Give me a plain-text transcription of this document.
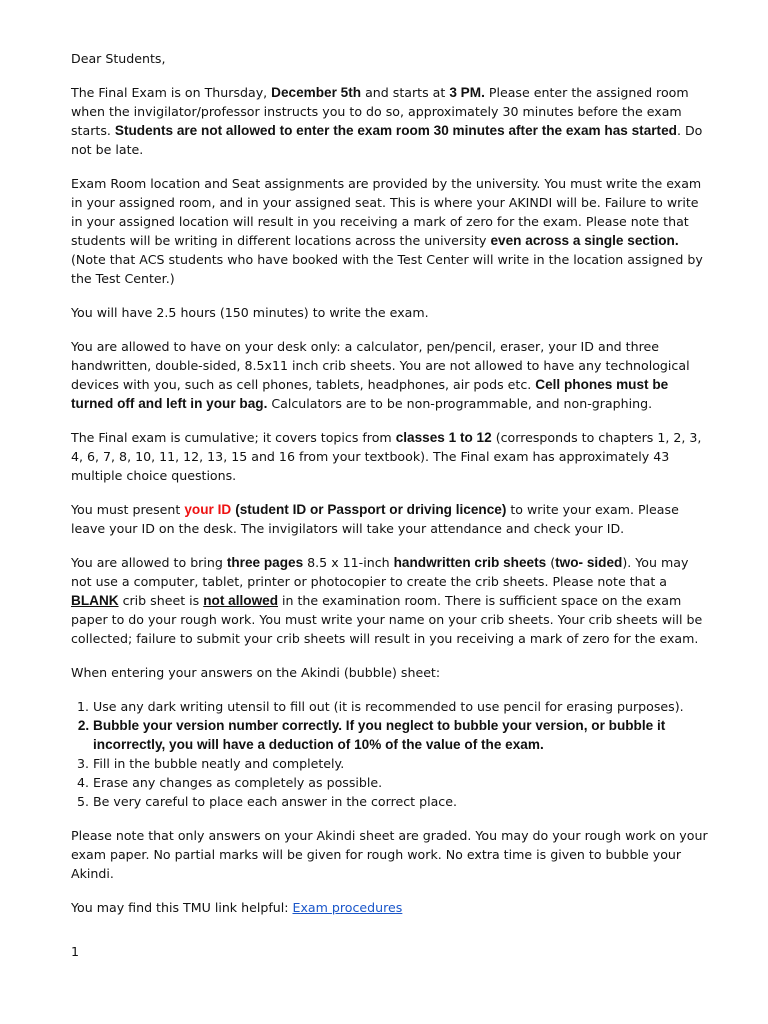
Dear Students,

The Final Exam is on Thursday, December 5th and starts at 3 PM. Please enter the assigned room when the invigilator/professor instructs you to do so, approximately 30 minutes before the exam starts. Students are not allowed to enter the exam room 30 minutes after the exam has started. Do not be late.

Exam Room location and Seat assignments are provided by the university. You must write the exam in your assigned room, and in your assigned seat. This is where your AKINDI will be. Failure to write in your assigned location will result in you receiving a mark of zero for the exam. Please note that students will be writing in different locations across the university even across a single section. (Note that ACS students who have booked with the Test Center will write in the location assigned by the Test Center.)

You will have 2.5 hours (150 minutes) to write the exam.

You are allowed to have on your desk only: a calculator, pen/pencil, eraser, your ID and three handwritten, double-sided, 8.5x11 inch crib sheets. You are not allowed to have any technological devices with you, such as cell phones, tablets, headphones, air pods etc. Cell phones must be turned off and left in your bag. Calculators are to be non-programmable, and non-graphing.

The Final exam is cumulative; it covers topics from classes 1 to 12 (corresponds to chapters 1, 2, 3, 4, 6, 7, 8, 10, 11, 12, 13, 15 and 16 from your textbook). The Final exam has approximately 43 multiple choice questions.

You must present your ID (student ID or Passport or driving licence) to write your exam. Please leave your ID on the desk. The invigilators will take your attendance and check your ID.

You are allowed to bring three pages 8.5 x 11-inch handwritten crib sheets (two- sided). You may not use a computer, tablet, printer or photocopier to create the crib sheets. Please note that a BLANK crib sheet is not allowed in the examination room. There is sufficient space on the exam paper to do your rough work. You must write your name on your crib sheets. Your crib sheets will be collected; failure to submit your crib sheets will result in you receiving a mark of zero for the exam.

When entering your answers on the Akindi (bubble) sheet:

1. Use any dark writing utensil to fill out (it is recommended to use pencil for erasing purposes).
2. Bubble your version number correctly. If you neglect to bubble your version, or bubble it incorrectly, you will have a deduction of 10% of the value of the exam.
3. Fill in the bubble neatly and completely.
4. Erase any changes as completely as possible.
5. Be very careful to place each answer in the correct place.

Please note that only answers on your Akindi sheet are graded. You may do your rough work on your exam paper. No partial marks will be given for rough work. No extra time is given to bubble your Akindi.

You may find this TMU link helpful: Exam procedures

1
